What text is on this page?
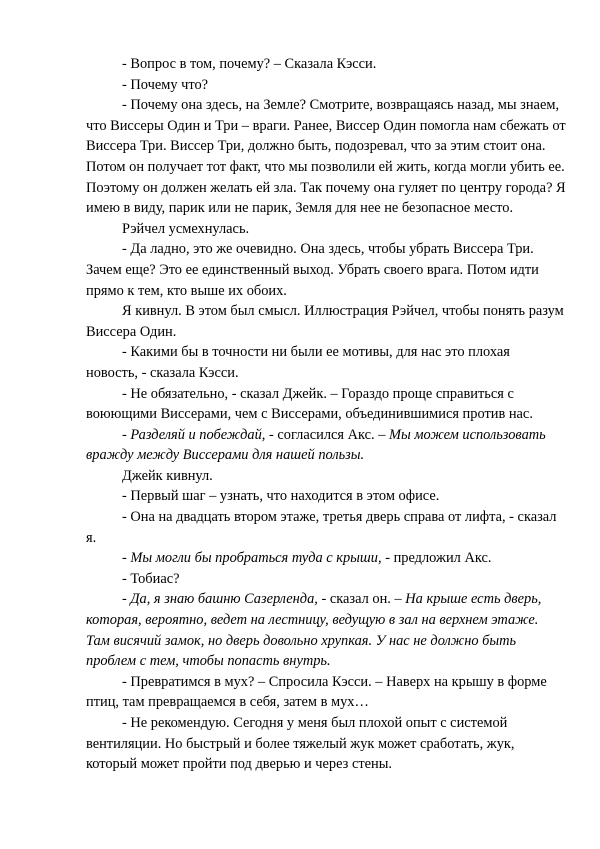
- Вопрос в том, почему? – Сказала Кэсси.

- Почему что?

- Почему она здесь, на Земле? Смотрите, возвращаясь назад, мы знаем, что Виссеры Один и Три – враги. Ранее, Виссер Один помогла нам сбежать от Виссера Три. Виссер Три, должно быть, подозревал, что за этим стоит она. Потом он получает тот факт, что мы позволили ей жить, когда могли убить ее. Поэтому он должен желать ей зла. Так почему она гуляет по центру города? Я имею в виду, парик или не парик, Земля для нее не безопасное место.

Рэйчел усмехнулась.

- Да ладно, это же очевидно. Она здесь, чтобы убрать Виссера Три. Зачем еще? Это ее единственный выход. Убрать своего врага. Потом идти прямо к тем, кто выше их обоих.

Я кивнул. В этом был смысл. Иллюстрация Рэйчел, чтобы понять разум Виссера Один.

- Какими бы в точности ни были ее мотивы, для нас это плохая новость, - сказала Кэсси.

- Не обязательно, - сказал Джейк. – Гораздо проще справиться с воюющими Виссерами, чем с Виссерами, объединившимися против нас.

- Разделяй и побеждай, - согласился Акс. – Мы можем использовать вражду между Виссерами для нашей пользы.

Джейк кивнул.

- Первый шаг – узнать, что находится в этом офисе.

- Она на двадцать втором этаже, третья дверь справа от лифта, - сказал я.

- Мы могли бы пробраться туда с крыши, - предложил Акс.

- Тобиас?

- Да, я знаю башню Сазерленда, - сказал он. – На крыше есть дверь, которая, вероятно, ведет на лестницу, ведущую в зал на верхнем этаже. Там висячий замок, но дверь довольно хрупкая. У нас не должно быть проблем с тем, чтобы попасть внутрь.

- Превратимся в мух? – Спросила Кэсси. – Наверх на крышу в форме птиц, там превращаемся в себя, затем в мух…

- Не рекомендую. Сегодня у меня был плохой опыт с системой вентиляции. Но быстрый и более тяжелый жук может сработать, жук, который может пройти под дверью и через стены.
